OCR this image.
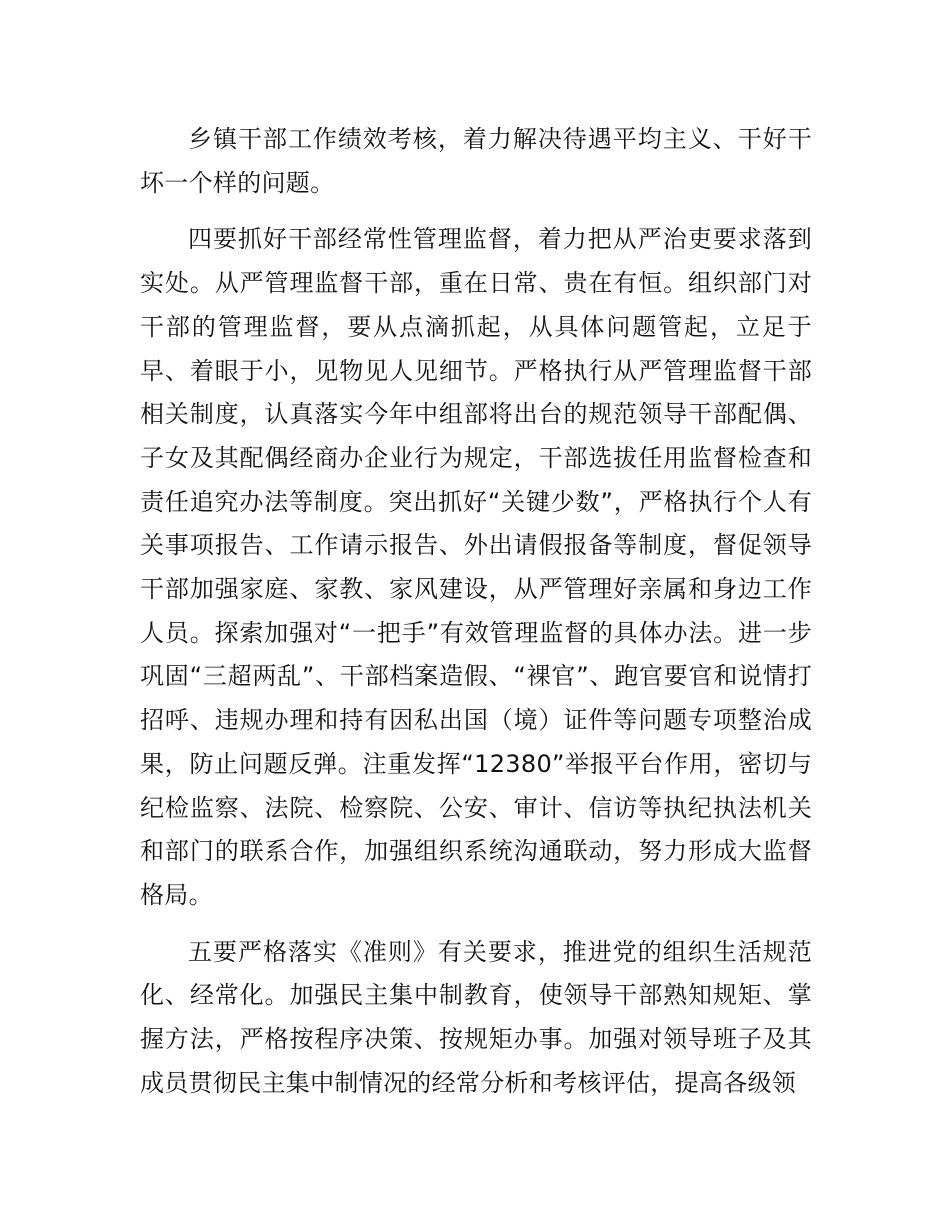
乡镇干部工作绩效考核，着力解决待遇平均主义、干好干坏一个样的问题。

四要抓好干部经常性管理监督，着力把从严治吏要求落到实处。从严管理监督干部，重在日常、贵在有恒。组织部门对干部的管理监督，要从点滴抓起，从具体问题管起，立足于早、着眼于小，见物见人见细节。严格执行从严管理监督干部相关制度，认真落实今年中组部将出台的规范领导干部配偶、子女及其配偶经商办企业行为规定，干部选拔任用监督检查和责任追究办法等制度。突出抓好“关键少数”，严格执行个人有关事项报告、工作请示报告、外出请假报备等制度，督促领导干部加强家庭、家教、家风建设，从严管理好亲属和身边工作人员。探索加强对“一把手”有效管理监督的具体办法。进一步巩固“三超两乱”、干部档案造假、“裸官”、跑官要官和说情打招呼、违规办理和持有因私出国（境）证件等问题专项整治成果，防止问题反弹。注重发挥“12380”举报平台作用，密切与纪检监察、法院、检察院、公安、审计、信访等执纪执法机关和部门的联系合作，加强组织系统沟通联动，努力形成大监督格局。

五要严格落实《准则》有关要求，推进党的组织生活规范化、经常化。加强民主集中制教育，使领导干部熟知规矩、掌握方法，严格按程序决策、按规矩办事。加强对领导班子及其成员贯彻民主集中制情况的经常分析和考核评估，提高各级领
